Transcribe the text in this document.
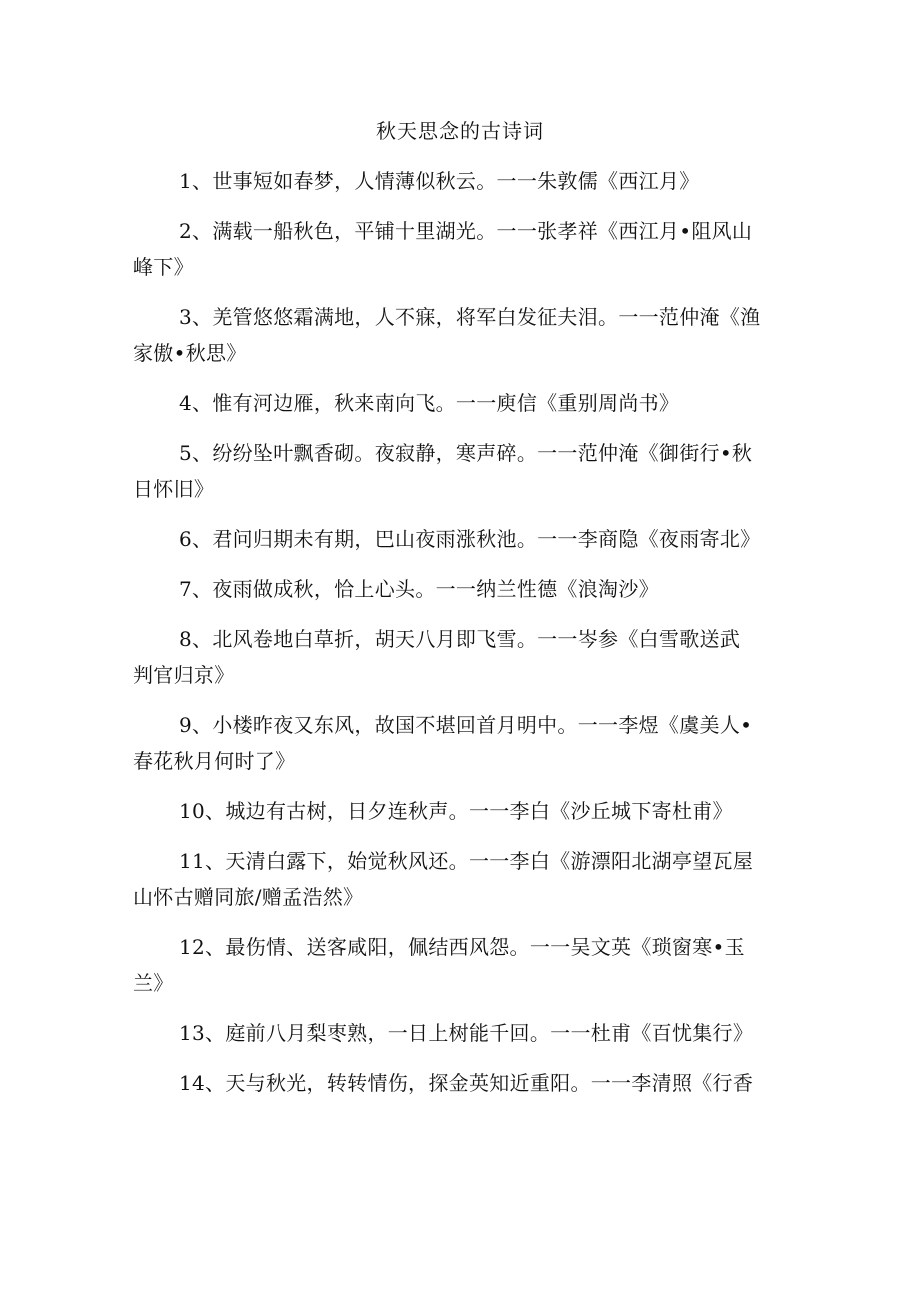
秋天思念的古诗词
1、世事短如春梦，人情薄似秋云。一一朱敦儒《西江月》
2、满载一船秋色，平铺十里湖光。一一张孝祥《西江月•阻风山
峰下》
3、羌管悠悠霜满地，人不寐，将军白发征夫泪。一一范仲淹《渔
家傲•秋思》
4、惟有河边雁，秋来南向飞。一一庾信《重别周尚书》
5、纷纷坠叶飘香砌。夜寂静，寒声碎。一一范仲淹《御街行•秋
日怀旧》
6、君问归期未有期，巴山夜雨涨秋池。一一李商隐《夜雨寄北》
7、夜雨做成秋，恰上心头。一一纳兰性德《浪淘沙》
8、北风卷地白草折，胡天八月即飞雪。一一岑参《白雪歌送武
判官归京》
9、小楼昨夜又东风，故国不堪回首月明中。一一李煜《虞美人•
春花秋月何时了》
10、城边有古树，日夕连秋声。一一李白《沙丘城下寄杜甫》
11、天清白露下，始觉秋风还。一一李白《游漂阳北湖亭望瓦屋
山怀古赠同旅/赠孟浩然》
12、最伤情、送客咸阳，佩结西风怨。一一吴文英《琐窗寒•玉
兰》
13、庭前八月梨枣熟，一日上树能千回。一一杜甫《百忧集行》
14、天与秋光，转转情伤，探金英知近重阳。一一李清照《行香
